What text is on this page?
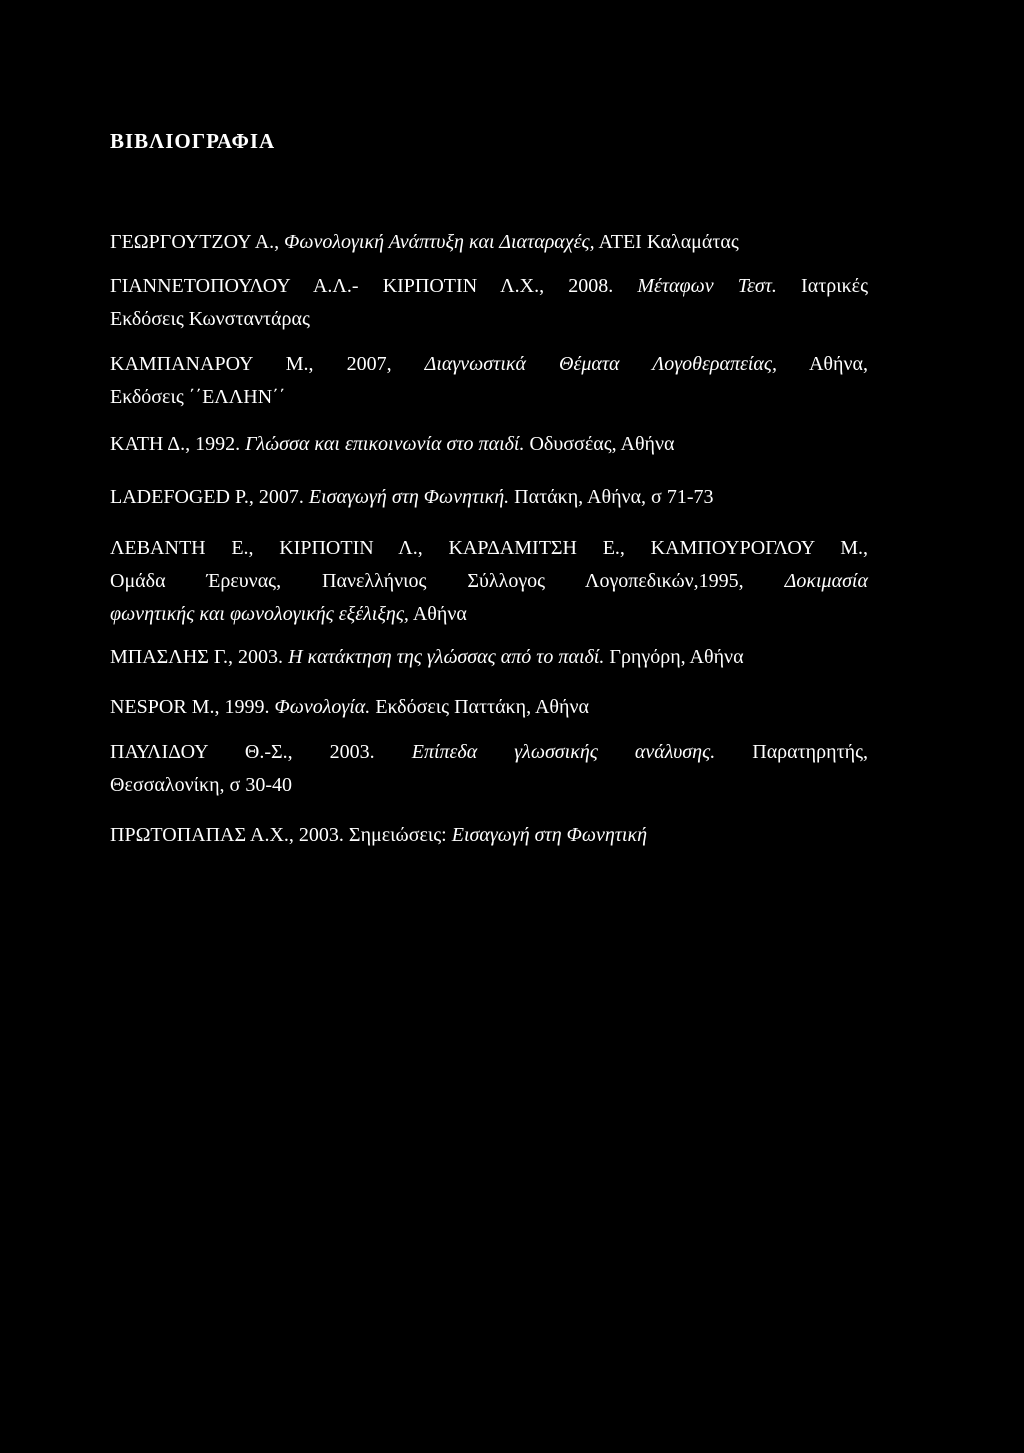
ΒΙΒΛΙΟΓΡΑΦΙΑ
ΓΕΩΡΓΟΥΤΖΟΥ Α., Φωνολογική Ανάπτυξη και Διαταραχές, ΑΤΕΙ Καλαμάτας
ΓΙΑΝΝΕΤΟΠΟΥΛΟΥ Α.Λ.- ΚΙΡΠΟΤΙΝ Λ.Χ., 2008. Μέταφων Τεστ. Ιατρικές
Εκδόσεις Κωνσταντάρας
ΚΑΜΠΑΝΑΡΟΥ Μ., 2007, Διαγνωστικά Θέματα Λογοθεραπείας, Αθήνα,
Εκδόσεις ΄΄ΕΛΛΗΝ΄΄
ΚΑΤΗ Δ., 1992. Γλώσσα και επικοινωνία στο παιδί. Οδυσσέας, Αθήνα
LADEFOGED P., 2007. Εισαγωγή στη Φωνητική. Πατάκη, Αθήνα, σ 71-73
ΛΕΒΑΝΤΗ Ε., ΚΙΡΠΟΤΙΝ Λ., ΚΑΡΔΑΜΙΤΣΗ Ε., ΚΑΜΠΟΥΡΟΓΛΟΥ Μ.,
Ομάδα Έρευνας, Πανελλήνιος Σύλλογος Λογοπεδικών,1995, Δοκιμασία
φωνητικής και φωνολογικής εξέλιξης, Αθήνα
ΜΠΑΣΛΗΣ Γ., 2003. Η κατάκτηση της γλώσσας από το παιδί. Γρηγόρη, Αθήνα
NESPOR M., 1999. Φωνολογία. Εκδόσεις Παττάκη, Αθήνα
ΠΑΥΛΙΔΟΥ Θ.-Σ., 2003. Επίπεδα γλωσσικής ανάλυσης. Παρατηρητής,
Θεσσαλονίκη, σ 30-40
ΠΡΩΤΟΠΑΠΑΣ Α.Χ., 2003. Σημειώσεις: Εισαγωγή στη Φωνητική
